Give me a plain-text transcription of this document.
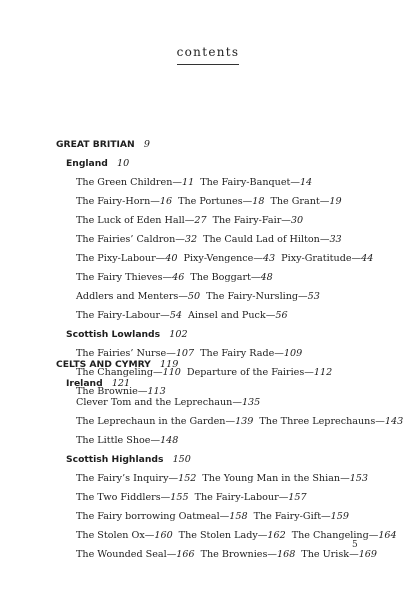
contents
GREAT BRITIAN 9
England 10
The Green Children—11 The Fairy-Banquet—14
The Fairy-Horn—16 The Portunes—18 The Grant—19
The Luck of Eden Hall—27 The Fairy-Fair—30
The Fairies’ Caldron—32 The Cauld Lad of Hilton—33
The Pixy-Labour—40 Pixy-Vengence—43 Pixy-Gratitude—44
The Fairy Thieves—46 The Boggart—48
Addlers and Menters—50 The Fairy-Nursling—53
The Fairy-Labour—54 Ainsel and Puck—56
Scottish Lowlands 102
The Fairies’ Nurse—107 The Fairy Rade—109
The Changeling—110 Departure of the Fairies—112
The Brownie—113
CELTS AND CYMRY 119
Ireland 121
Clever Tom and the Leprechaun—135
The Leprechaun in the Garden—139 The Three Leprechauns—143
The Little Shoe—148
Scottish Highlands 150
The Fairy’s Inquiry—152 The Young Man in the Shian—153
The Two Fiddlers—155 The Fairy-Labour—157
The Fairy borrowing Oatmeal—158 The Fairy-Gift—159
The Stolen Ox—160 The Stolen Lady—162 The Changeling—164
The Wounded Seal—166 The Brownies—168 The Urisk—169
5
